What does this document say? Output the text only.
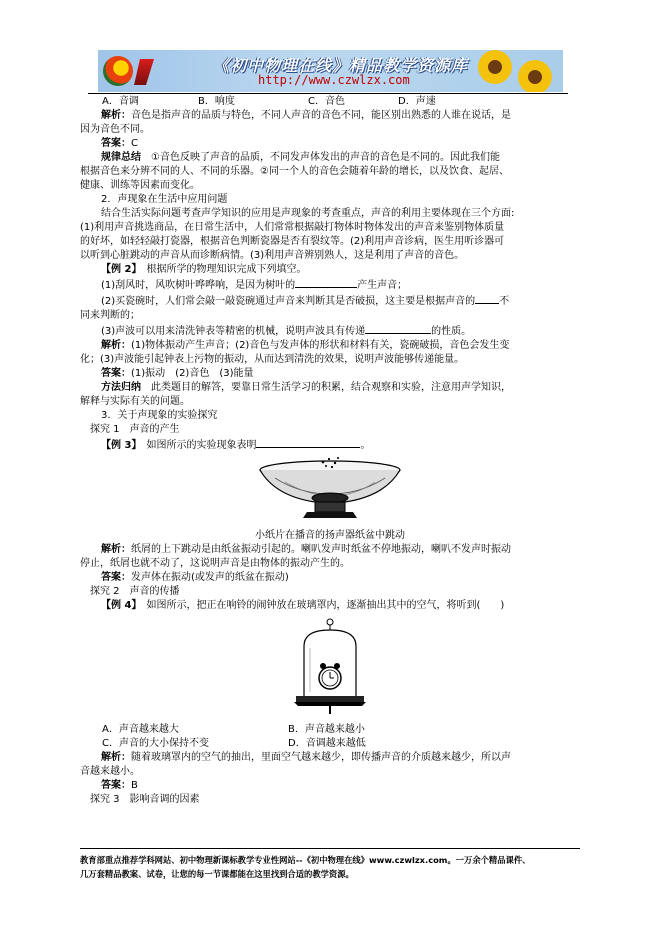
《初中物理在线》精品教学资源库
http://www.czwlzx.com

A．音调	B．响度	C．音色	D．声速

解析：音色是指声音的品质与特色，不同人声音的音色不同，能区别出熟悉的人谁在说话，是

因为音色不同。

答案：C

规律总结　 ①音色反映了声音的品质，不同发声体发出的声音的音色是不同的。因此我们能

根据音色来分辨不同的人、不同的乐器。②同一个人的音色会随着年龄的增长，以及饮食、起居、

健康、训练等因素而变化。

2．声现象在生活中应用问题

结合生活实际问题考查声学知识的应用是声现象的考查重点，声音的利用主要体现在三个方面:

(1)利用声音挑选商品，在日常生活中，人们常常根据敲打物体时物体发出的声音来鉴别物体质量

的好坏，如轻轻敲打瓷器，根据音色判断瓷器是否有裂纹等。(2)利用声音诊病，医生用听诊器可

以听到心脏跳动的声音从而诊断病情。(3)利用声音辨别熟人，这是利用了声音的音色。

【例 2】　 根据所学的物理知识完成下列填空。

(1)刮风时，风吹树叶哗哗响，是因为树叶的	产生声音；

(2)买瓷碗时，人们常会敲一敲瓷碗通过声音来判断其是否破损，这主要是根据声音的 不

同来判断的；

(3)声波可以用来清洗钟表等精密的机械，说明声波具有传递	的性质。

解析：(1)物体振动产生声音；(2)音色与发声体的形状和材料有关，瓷碗破损，音色会发生变

化；(3)声波能引起钟表上污物的振动，从而达到清洗的效果，说明声波能够传递能量。

答案：(1)振动　(2)音色　(3)能量

方法归纳　 此类题目的解答，要靠日常生活学习的积累，结合观察和实验，注意用声学知识，

解释与实际有关的问题。

3．关于声现象的实验探究

探究 1　声音的产生

【例 3】　 如图所示的实验现象表明	。

小纸片在播音的扬声器纸盆中跳动

解析：纸屑的上下跳动是由纸盆振动引起的。喇叭发声时纸盆不停地振动，喇叭不发声时振动

停止，纸屑也就不动了，这说明声音是由物体的振动产生的。

答案：发声体在振动(或发声的纸盆在振动)

探究 2　声音的传播

【例 4】　 如图所示，把正在响铃的闹钟放在玻璃罩内，逐渐抽出其中的空气，将听到(　　)

A．声音越来越大	B．声音越来越小

C．声音的大小保持不变	D．音调越来越低

解析：随着玻璃罩内的空气的抽出，里面空气越来越少，即传播声音的介质越来越少，所以声

音越来越小。

答案：B

探究 3　影响音调的因素

教育部重点推荐学科网站、初中物理新课标教学专业性网站--《初中物理在线》www.czwlzx.com。一万余个精品课件、
几万套精品教案、试卷，让您的每一节课都能在这里找到合适的教学资源。
